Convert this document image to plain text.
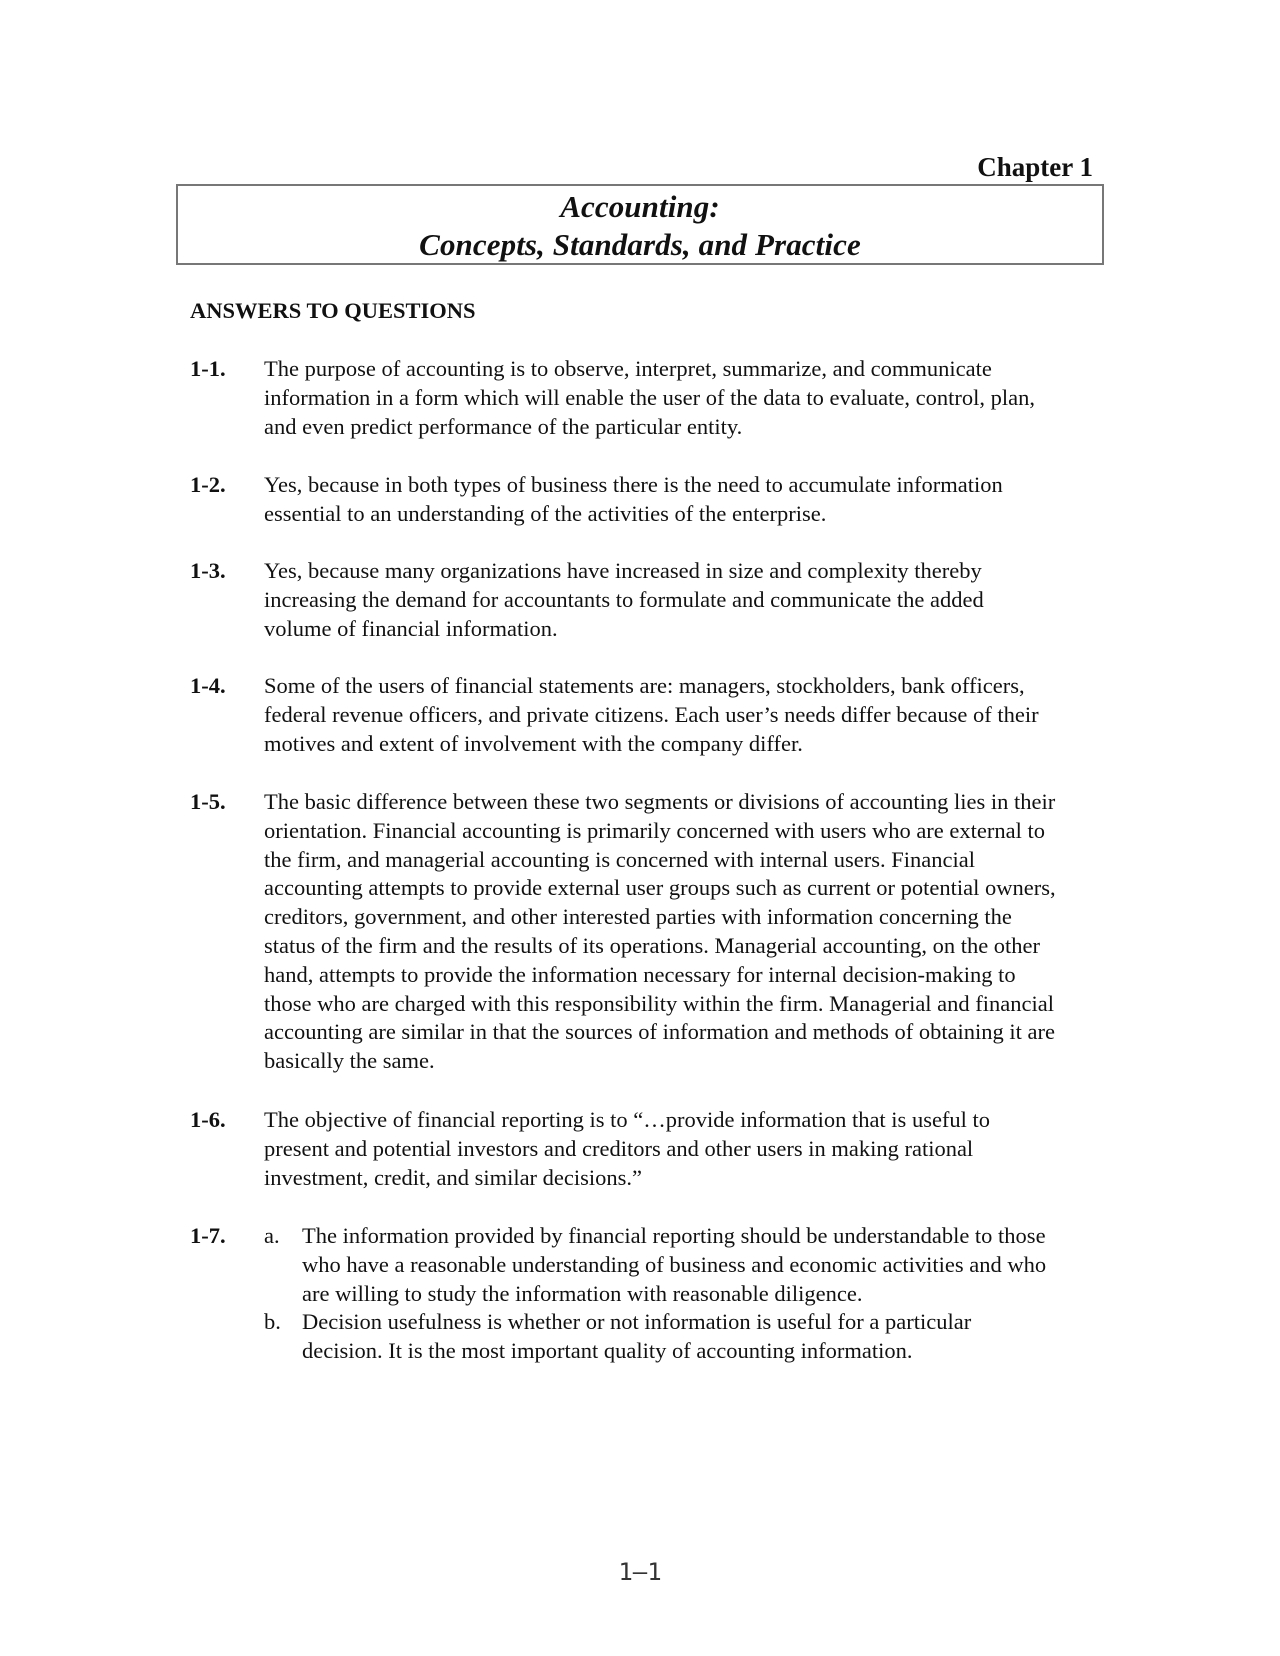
Chapter 1
Accounting:
Concepts, Standards, and Practice
ANSWERS TO QUESTIONS
1-1. The purpose of accounting is to observe, interpret, summarize, and communicate information in a form which will enable the user of the data to evaluate, control, plan, and even predict performance of the particular entity.
1-2. Yes, because in both types of business there is the need to accumulate information essential to an understanding of the activities of the enterprise.
1-3. Yes, because many organizations have increased in size and complexity thereby increasing the demand for accountants to formulate and communicate the added volume of financial information.
1-4. Some of the users of financial statements are: managers, stockholders, bank officers, federal revenue officers, and private citizens. Each user’s needs differ because of their motives and extent of involvement with the company differ.
1-5. The basic difference between these two segments or divisions of accounting lies in their orientation. Financial accounting is primarily concerned with users who are external to the firm, and managerial accounting is concerned with internal users. Financial accounting attempts to provide external user groups such as current or potential owners, creditors, government, and other interested parties with information concerning the status of the firm and the results of its operations. Managerial accounting, on the other hand, attempts to provide the information necessary for internal decision-making to those who are charged with this responsibility within the firm. Managerial and financial accounting are similar in that the sources of information and methods of obtaining it are basically the same.
1-6. The objective of financial reporting is to “…provide information that is useful to present and potential investors and creditors and other users in making rational investment, credit, and similar decisions.”
1-7. a. The information provided by financial reporting should be understandable to those who have a reasonable understanding of business and economic activities and who are willing to study the information with reasonable diligence.
b. Decision usefulness is whether or not information is useful for a particular decision. It is the most important quality of accounting information.
1–1
